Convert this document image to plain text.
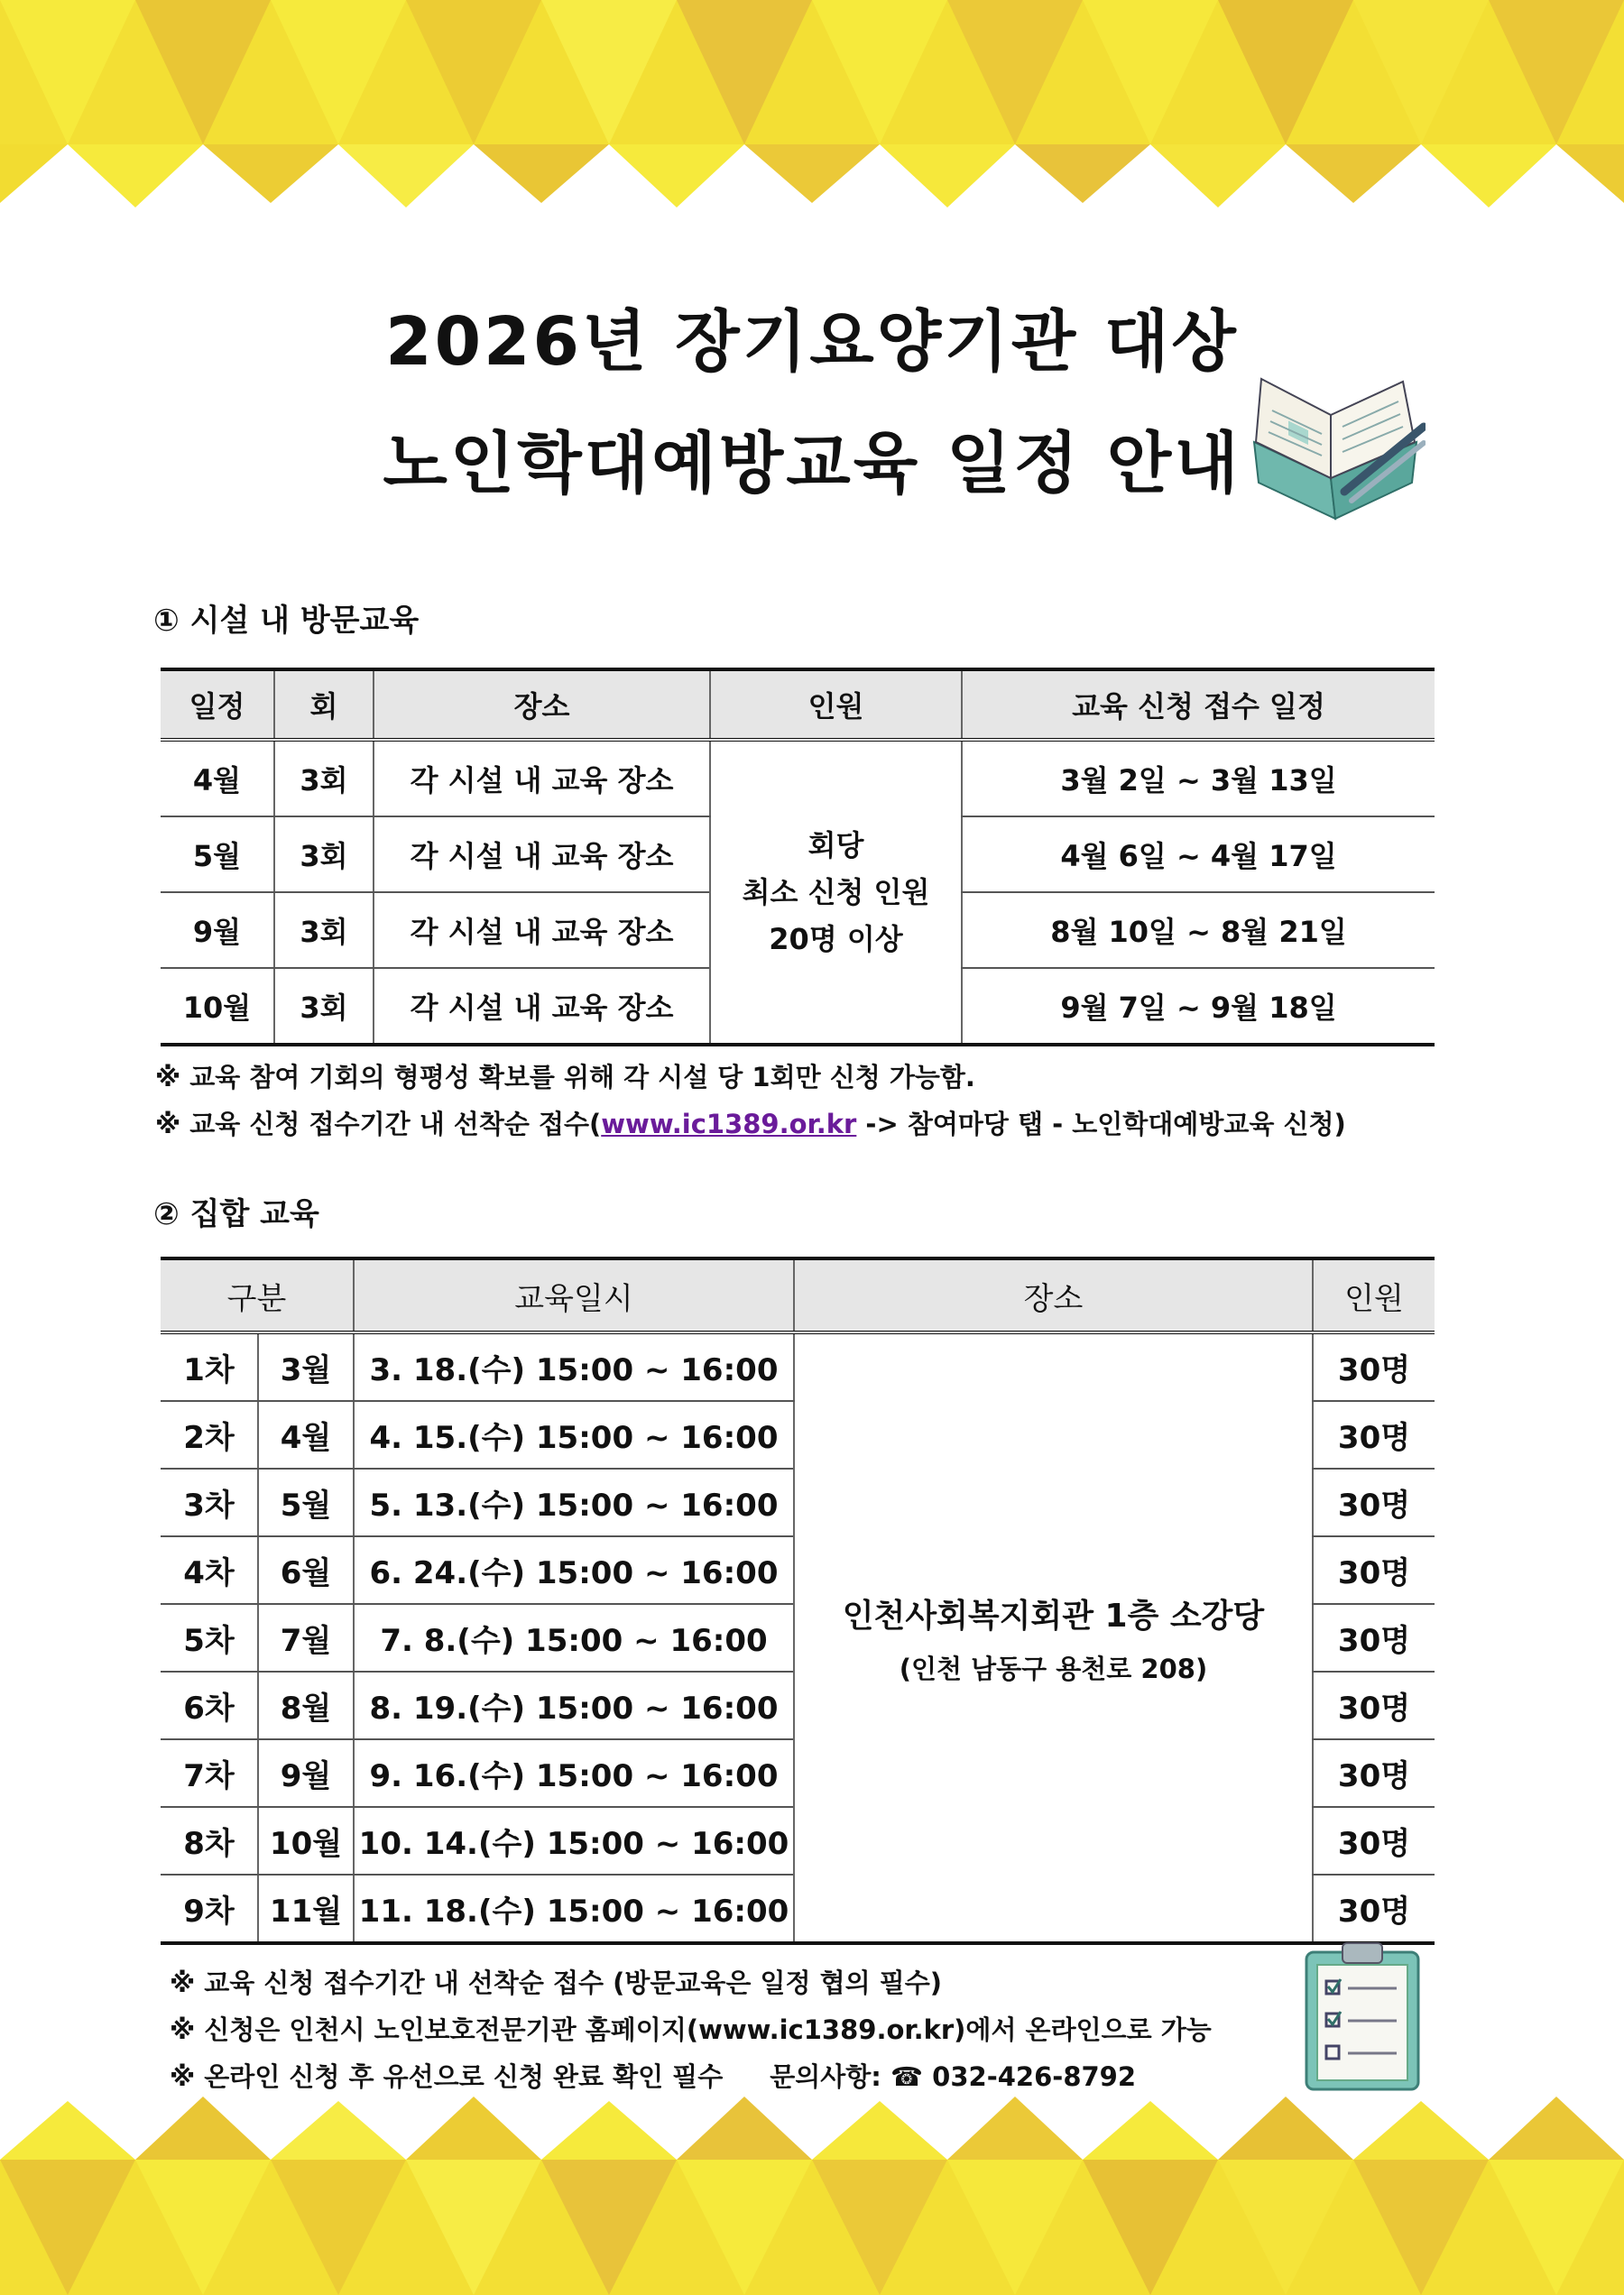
2026년 장기요양기관 대상
노인학대예방교육 일정 안내
① 시설 내 방문교육
일정	회	장소	인원	교육 신청 접수 일정
4월	3회	각 시설 내 교육 장소	회당
최소 신청 인원
20명 이상	3월 2일 ~ 3월 13일
5월	3회	각 시설 내 교육 장소		4월 6일 ~ 4월 17일
9월	3회	각 시설 내 교육 장소		8월 10일 ~ 8월 21일
10월	3회	각 시설 내 교육 장소		9월 7일 ~ 9월 18일
※ 교육 참여 기회의 형평성 확보를 위해 각 시설 당 1회만 신청 가능함.
※ 교육 신청 접수기간 내 선착순 접수(www.ic1389.or.kr -> 참여마당 탭 - 노인학대예방교육 신청)
② 집합 교육
구분		교육일시	장소	인원
1차	3월	3. 18.(수) 15:00 ~ 16:00	인천사회복지회관 1층 소강당
(인천 남동구 용천로 208)	30명
2차	4월	4. 15.(수) 15:00 ~ 16:00		30명
3차	5월	5. 13.(수) 15:00 ~ 16:00		30명
4차	6월	6. 24.(수) 15:00 ~ 16:00		30명
5차	7월	7. 8.(수) 15:00 ~ 16:00		30명
6차	8월	8. 19.(수) 15:00 ~ 16:00		30명
7차	9월	9. 16.(수) 15:00 ~ 16:00		30명
8차	10월	10. 14.(수) 15:00 ~ 16:00		30명
9차	11월	11. 18.(수) 15:00 ~ 16:00		30명
※ 교육 신청 접수기간 내 선착순 접수 (방문교육은 일정 협의 필수)
※ 신청은 인천시 노인보호전문기관 홈페이지(www.ic1389.or.kr)에서 온라인으로 가능
※ 온라인 신청 후 유선으로 신청 완료 확인 필수 문의사항: ☎ 032-426-8792
